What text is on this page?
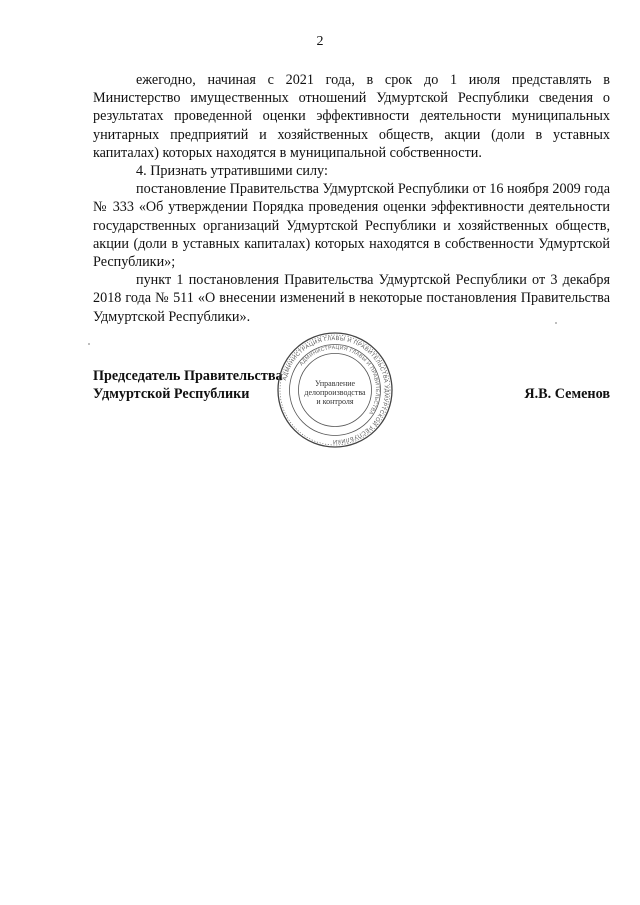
2

ежегодно, начиная с 2021 года, в срок до 1 июля представлять в Министерство имущественных отношений Удмуртской Республики сведения о результатах проведенной оценки эффективности деятельности муниципальных унитарных предприятий и хозяйственных обществ, акции (доли в уставных капиталах) которых находятся в муниципальной собственности.

4. Признать утратившими силу:

постановление Правительства Удмуртской Республики от 16 ноября 2009 года № 333 «Об утверждении Порядка проведения оценки эффективности деятельности государственных организаций Удмуртской Республики и хозяйственных обществ, акции (доли в уставных капиталах) которых находятся в собственности Удмуртской Республики»;

пункт 1 постановления Правительства Удмуртской Республики от 3 декабря 2018 года № 511 «О внесении изменений в некоторые постановления Правительства Удмуртской Республики».

Председатель Правительства
Удмуртской Республики	Я.В. Семенов
АДМИНИСТРАЦИЯ ГЛАВЫ И ПРАВИТЕЛЬСТВА УДМУРТСКОЙ РЕСПУБЛИКИ
АДМИНИСТРАЦИЯ ГЛАВЫ И ПРАВИТЕЛЬСТВА
Управление
делопроизводства
и контроля
